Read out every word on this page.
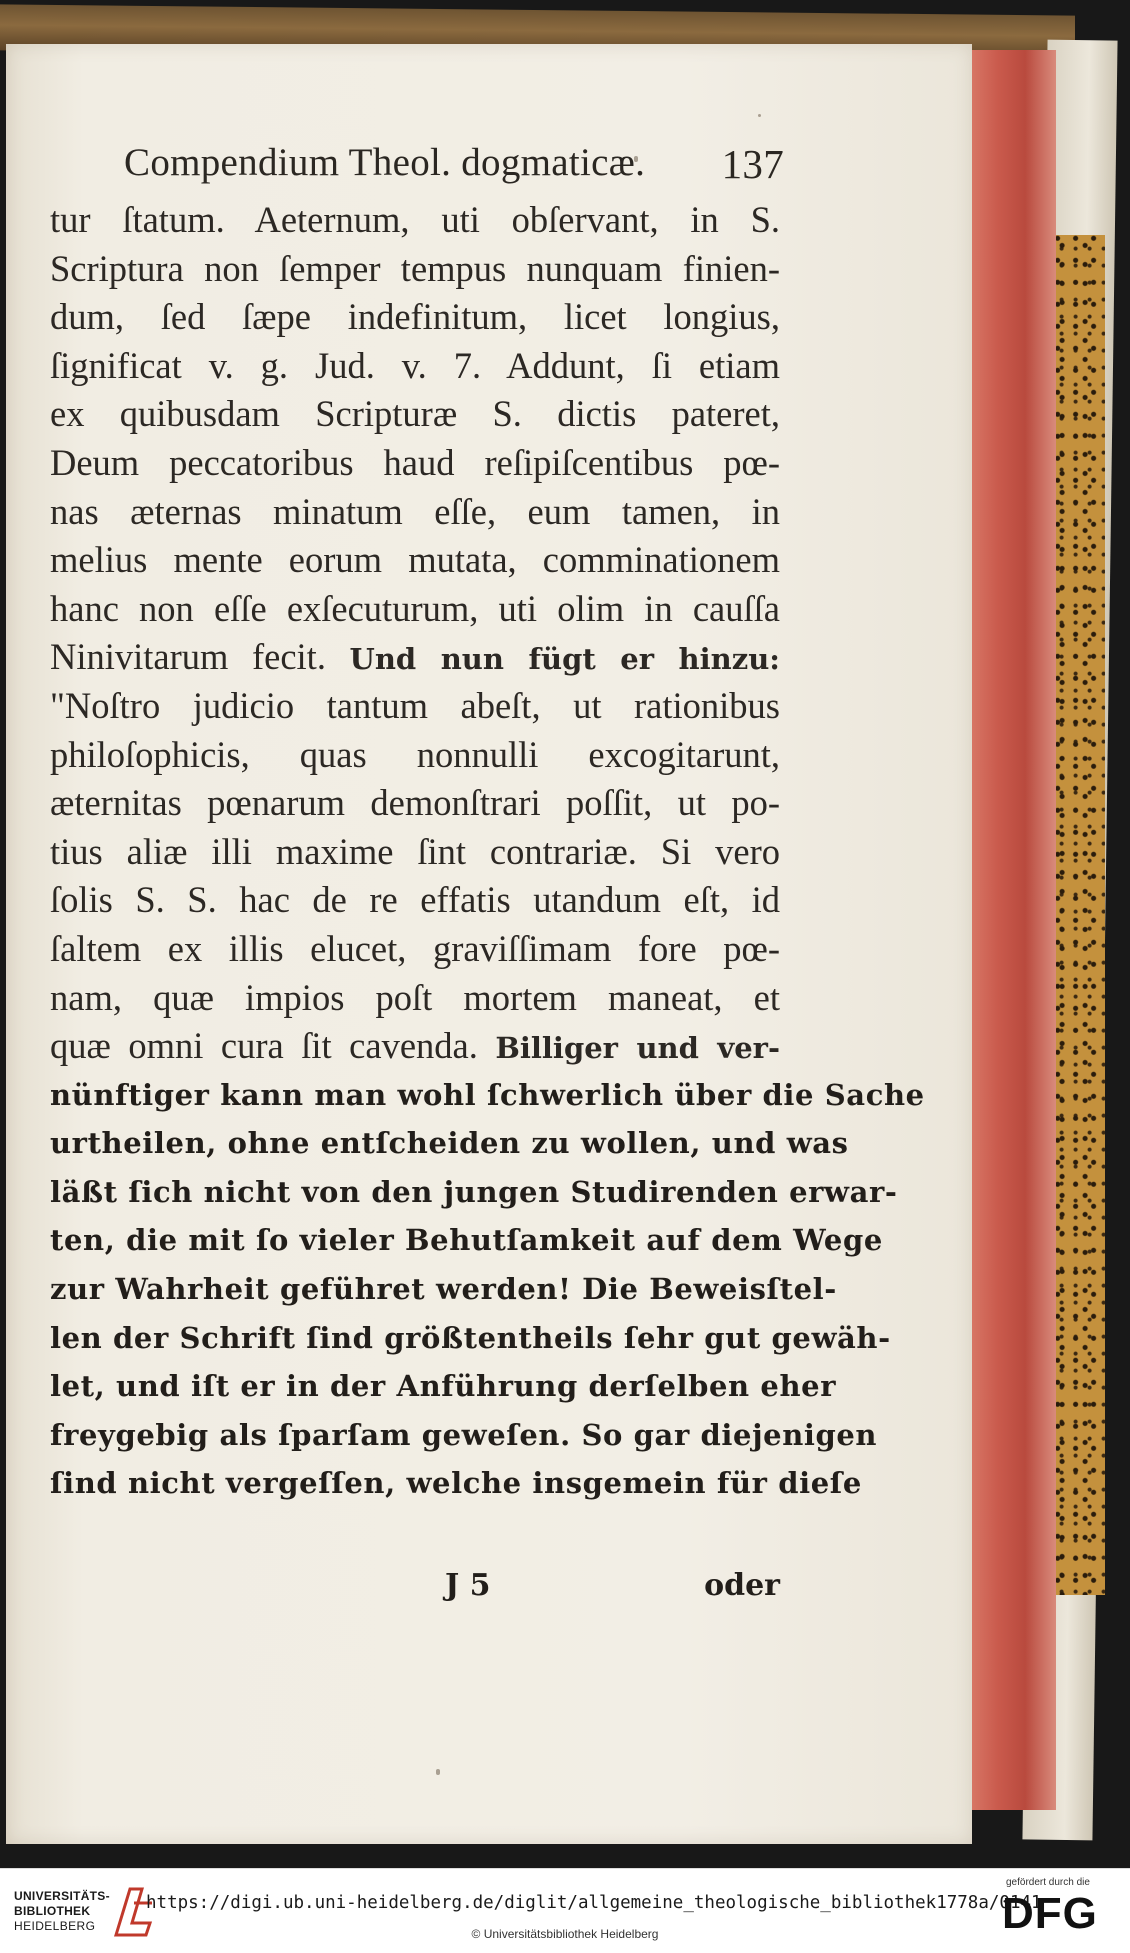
Compendium Theol. dogmaticæ. 137
tur ſtatum. Aeternum, uti obſervant, in S.
Scriptura non ſemper tempus nunquam finien-
dum, ſed ſæpe indefinitum, licet longius,
ſignificat v. g. Jud. v. 7. Addunt, ſi etiam
ex quibusdam Scripturæ S. dictis pateret,
Deum peccatoribus haud reſipiſcentibus pœ-
nas æternas minatum eſſe, eum tamen, in
melius mente eorum mutata, comminationem
hanc non eſſe exſecuturum, uti olim in cauſſa
Ninivitarum fecit. Und nun fügt er hinzu:
"Noſtro judicio tantum abeſt, ut rationibus
philoſophicis, quas nonnulli excogitarunt,
æternitas pœnarum demonſtrari poſſit, ut po-
tius aliæ illi maxime ſint contrariæ. Si vero
ſolis S. S. hac de re effatis utandum eſt, id
ſaltem ex illis elucet, graviſſimam fore pœ-
nam, quæ impios poſt mortem maneat, et
quæ omni cura ſit cavenda. Billiger und ver-
nünftiger kann man wohl ſchwerlich über die Sache
urtheilen, ohne entſcheiden zu wollen, und was
läßt ſich nicht von den jungen Studirenden erwar-
ten, die mit ſo vieler Behutſamkeit auf dem Wege
zur Wahrheit geführet werden! Die Beweisſtel-
len der Schrift ſind größtentheils ſehr gut gewäh-
let, und iſt er in der Anführung derſelben eher
freygebig als ſparſam geweſen. So gar diejenigen
ſind nicht vergeſſen, welche insgemein für dieſe
J 5	oder
UNIVERSITÄTS-
BIBLIOTHEK
HEIDELBERG
https://digi.ub.uni-heidelberg.de/diglit/allgemeine_theologische_bibliothek1778a/0141
© Universitätsbibliothek Heidelberg
gefördert durch die
DFG
